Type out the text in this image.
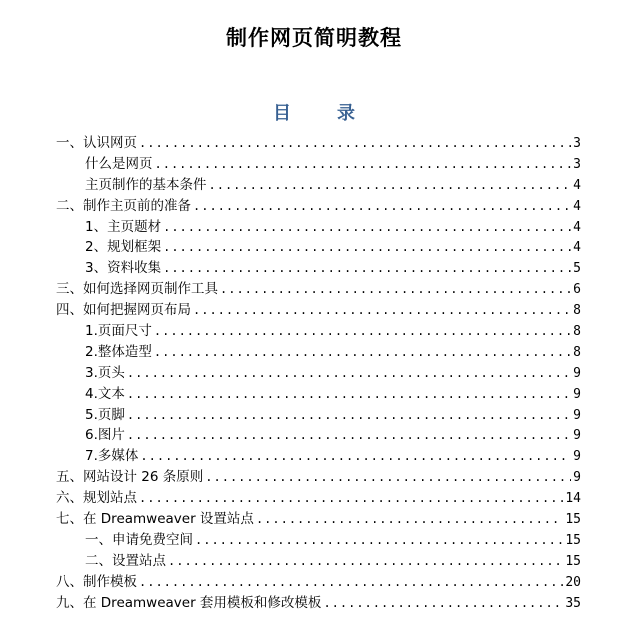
制作网页简明教程
目	录
一、认识网页 .....	3
什么是网页 .....	3
主页制作的基本条件 .....	4
二、制作主页前的准备 .....	4
1、主页题材 .....	4
2、规划框架 .....	4
3、资料收集 .....	5
三、如何选择网页制作工具 .....	6
四、如何把握网页布局 .....	8
1.页面尺寸 .....	8
2.整体造型 .....	8
3.页头 .....	9
4.文本 .....	9
5.页脚 .....	9
6.图片 .....	9
7.多媒体 .....	9
五、网站设计 26 条原则 .....	9
六、规划站点 .....	14
七、在 Dreamweaver 设置站点 .....	15
一、申请免费空间 .....	15
二、设置站点 .....	15
八、制作模板 .....	20
九、在 Dreamweaver 套用模板和修改模板 .....	35
